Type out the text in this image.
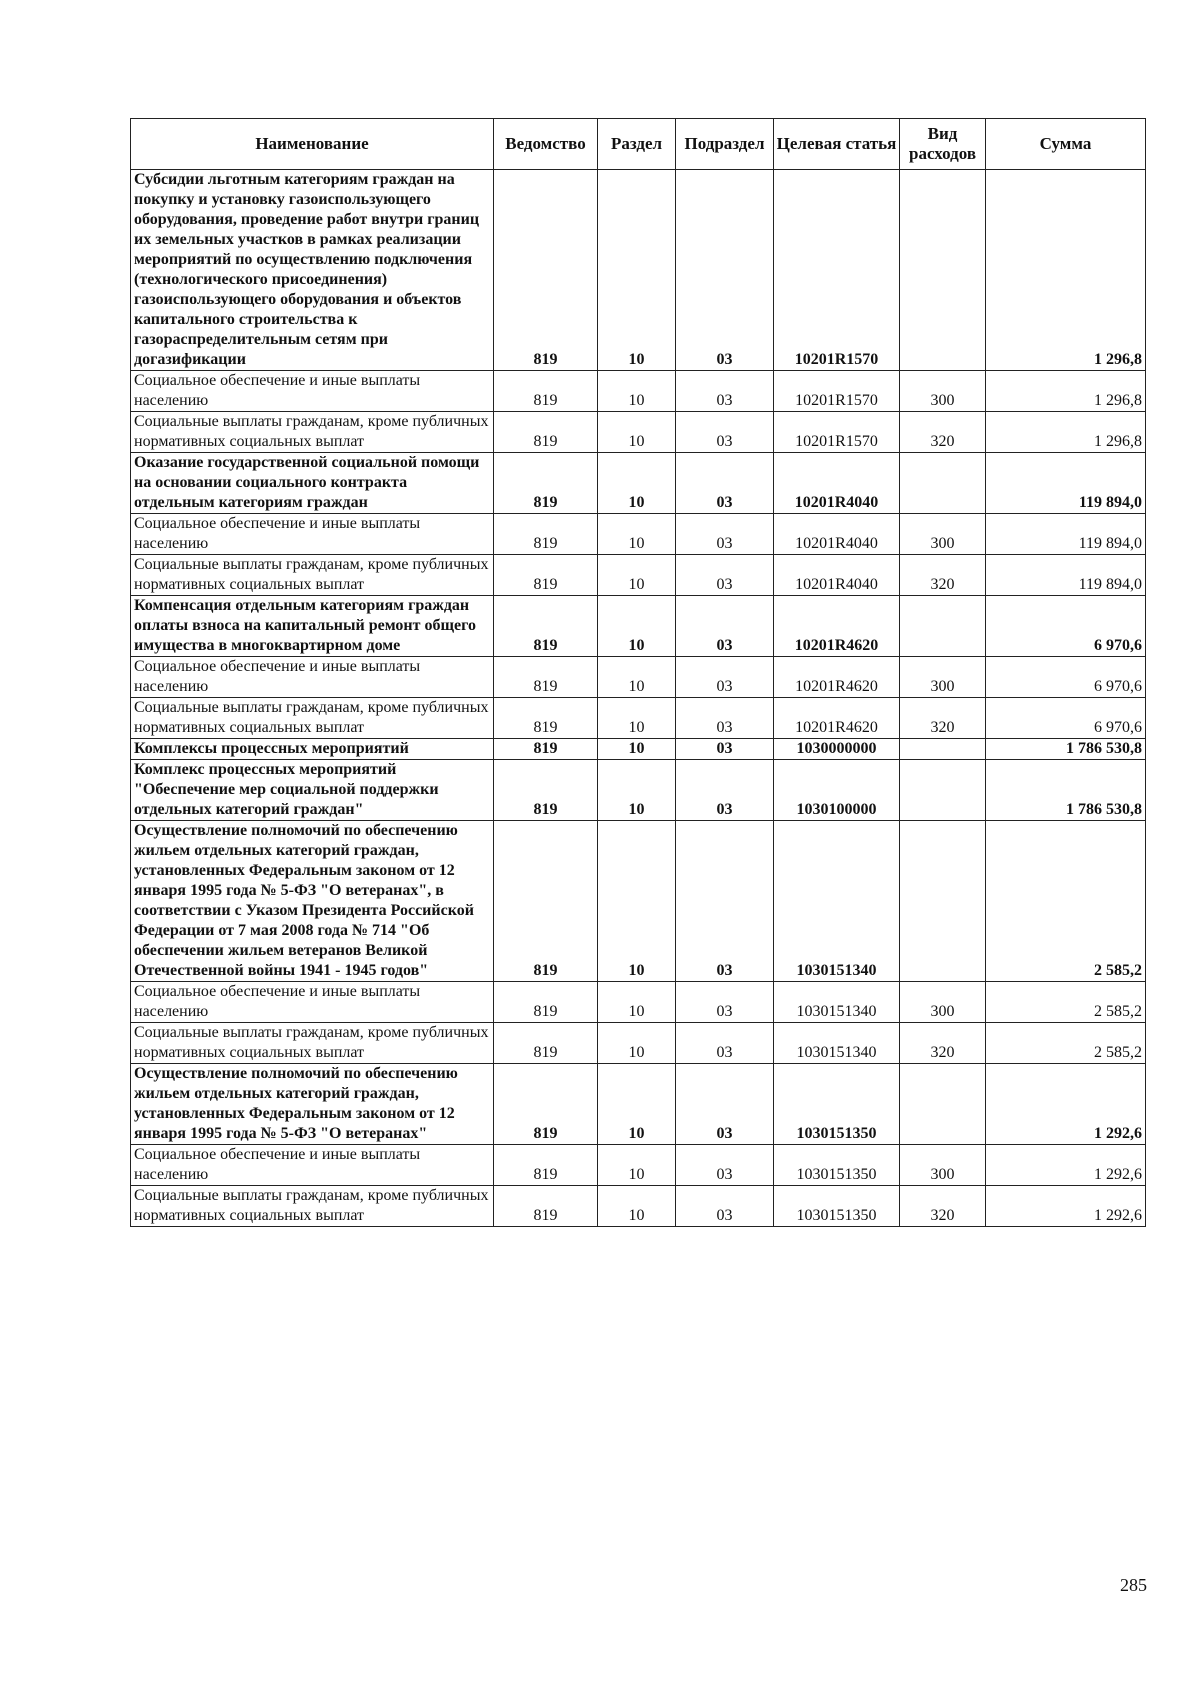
Наименование	Ведомство	Раздел	Подраздел	Целевая статья	Вид расходов	Сумма
Субсидии льготным категориям граждан на покупку и установку газоиспользующего оборудования, проведение работ внутри границ их земельных участков в рамках реализации мероприятий по осуществлению подключения (технологического присоединения) газоиспользующего оборудования и объектов капитального строительства к газораспределительным сетям при догазификации	819	10	03	10201R1570		1 296,8
Социальное обеспечение и иные выплаты населению	819	10	03	10201R1570	300	1 296,8
Социальные выплаты гражданам, кроме публичных нормативных социальных выплат	819	10	03	10201R1570	320	1 296,8
Оказание государственной социальной помощи на основании социального контракта отдельным категориям граждан	819	10	03	10201R4040		119 894,0
Социальное обеспечение и иные выплаты населению	819	10	03	10201R4040	300	119 894,0
Социальные выплаты гражданам, кроме публичных нормативных социальных выплат	819	10	03	10201R4040	320	119 894,0
Компенсация отдельным категориям граждан оплаты взноса на капитальный ремонт общего имущества в многоквартирном доме	819	10	03	10201R4620		6 970,6
Социальное обеспечение и иные выплаты населению	819	10	03	10201R4620	300	6 970,6
Социальные выплаты гражданам, кроме публичных нормативных социальных выплат	819	10	03	10201R4620	320	6 970,6
Комплексы процессных мероприятий	819	10	03	1030000000		1 786 530,8
Комплекс процессных мероприятий "Обеспечение мер социальной поддержки отдельных категорий граждан"	819	10	03	1030100000		1 786 530,8
Осуществление полномочий по обеспечению жильем отдельных категорий граждан, установленных Федеральным законом от 12 января 1995 года № 5-ФЗ "О ветеранах", в соответствии с Указом Президента Российской Федерации от 7 мая 2008 года № 714 "Об обеспечении жильем ветеранов Великой Отечественной войны 1941 - 1945 годов"	819	10	03	1030151340		2 585,2
Социальное обеспечение и иные выплаты населению	819	10	03	1030151340	300	2 585,2
Социальные выплаты гражданам, кроме публичных нормативных социальных выплат	819	10	03	1030151340	320	2 585,2
Осуществление полномочий по обеспечению жильем отдельных категорий граждан, установленных Федеральным законом от 12 января 1995 года № 5-ФЗ "О ветеранах"	819	10	03	1030151350		1 292,6
Социальное обеспечение и иные выплаты населению	819	10	03	1030151350	300	1 292,6
Социальные выплаты гражданам, кроме публичных нормативных социальных выплат	819	10	03	1030151350	320	1 292,6
285
